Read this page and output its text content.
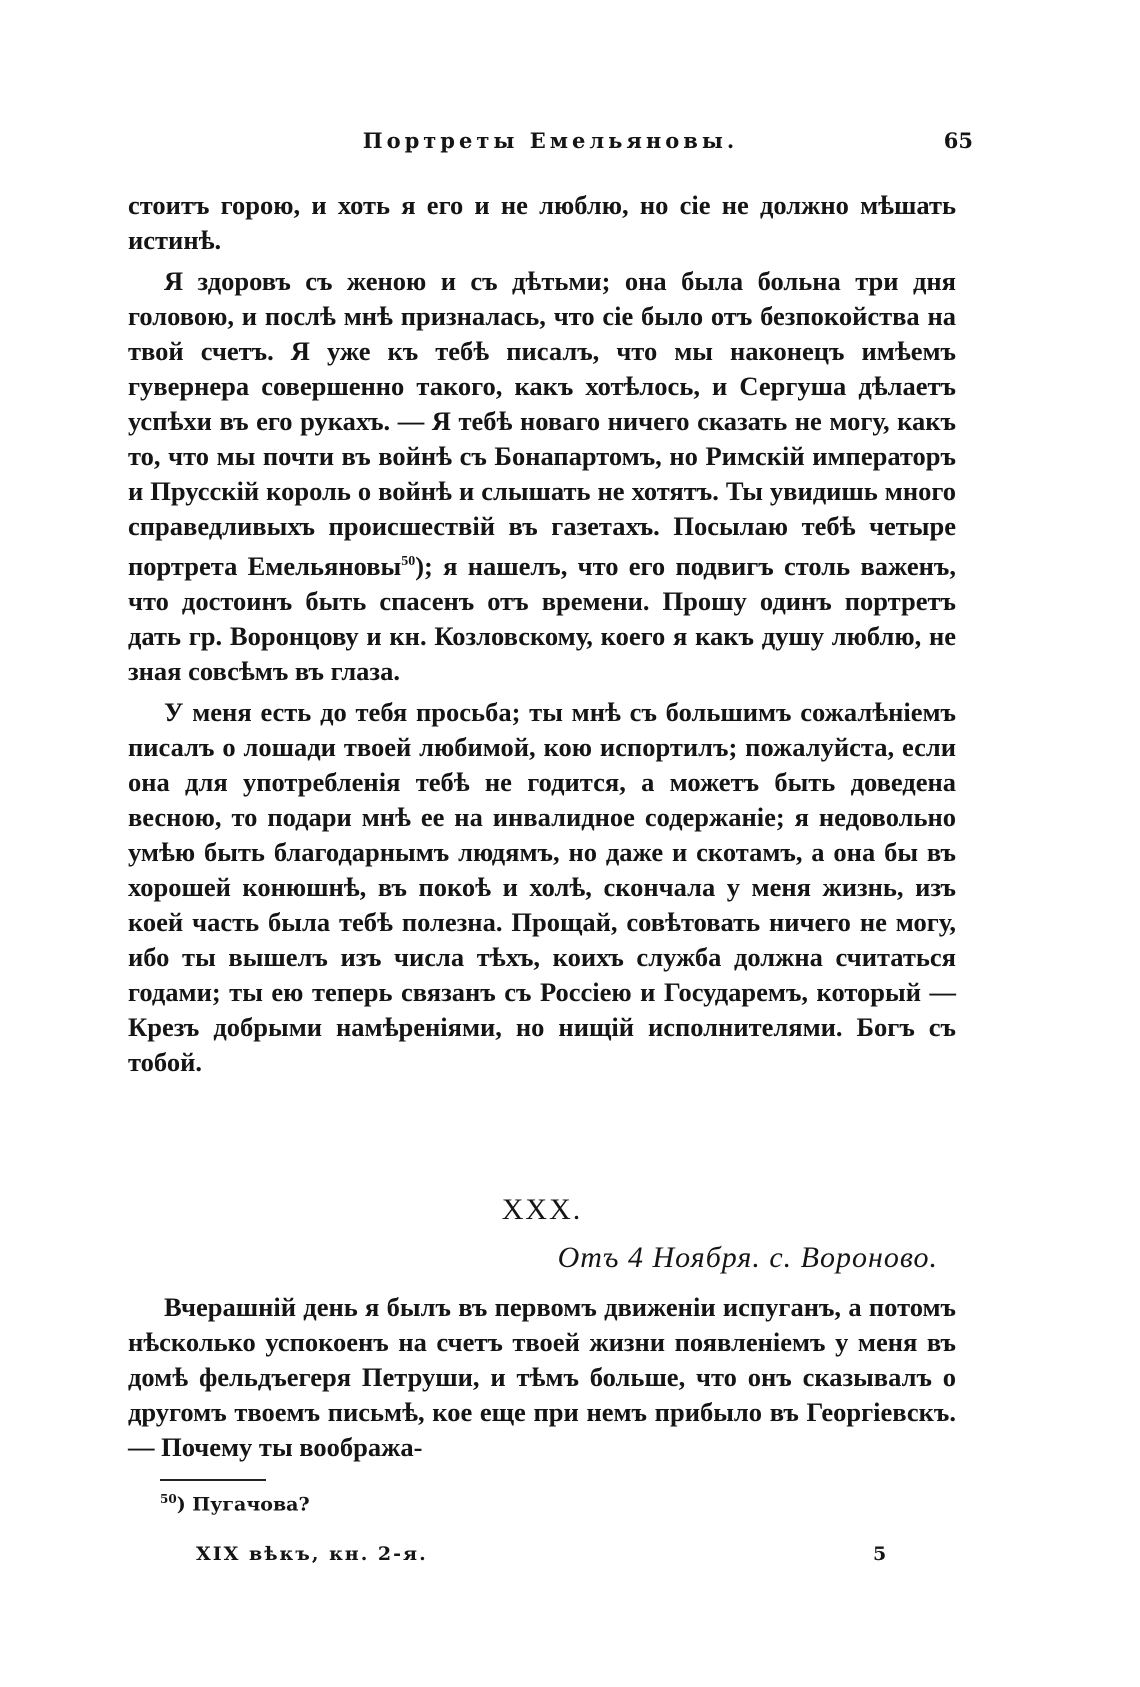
Портреты Емельяновы.	65

стоитъ горою, и хоть я его и не люблю, но сіе не должно мѣшать истинѣ.

Я здоровъ съ женою и съ дѣтьми; она была больна три дня головою, и послѣ мнѣ призналась, что сіе было отъ безпокойства на твой счетъ. Я уже къ тебѣ писалъ, что мы наконецъ имѣемъ гувернера совершенно такого, какъ хотѣлось, и Сергуша дѣлаетъ успѣхи въ его рукахъ. — Я тебѣ новаго ничего сказать не могу, какъ то, что мы почти въ войнѣ съ Бонапартомъ, но Римскій императоръ и Прусскій король о войнѣ и слышать не хотятъ. Ты увидишь много справедливыхъ происшествій въ газетахъ. Посылаю тебѣ четыре портрета Емельяновы$^{50}$); я нашелъ, что его подвигъ столь важенъ, что достоинъ быть спасенъ отъ времени. Прошу одинъ портретъ дать гр. Воронцову и кн. Козловскому, коего я какъ душу люблю, не зная совсѣмъ въ глаза.

У меня есть до тебя просьба; ты мнѣ съ большимъ сожалѣніемъ писалъ о лошади твоей любимой, кою испортилъ; пожалуйста, если она для употребленія тебѣ не годится, а можетъ быть доведена весною, то подари мнѣ ее на инвалидное содержаніе; я недовольно умѣю быть благодарнымъ людямъ, но даже и скотамъ, а она бы въ хорошей конюшнѣ, въ покоѣ и холѣ, скончала у меня жизнь, изъ коей часть была тебѣ полезна. Прощай, совѣтовать ничего не могу, ибо ты вышелъ изъ числа тѣхъ, коихъ служба должна считаться годами; ты ею теперь связанъ съ Россіею и Государемъ, который — Крезъ добрыми намѣреніями, но нищій исполнителями. Богъ съ тобой.

XXX.
Отъ 4 Ноября. с. Вороново.
Вчерашній день я былъ въ первомъ движеніи испуганъ, а потомъ нѣсколько успокоенъ на счетъ твоей жизни появленіемъ у меня въ домѣ фельдъегеря Петруши, и тѣмъ больше, что онъ сказывалъ о другомъ твоемъ письмѣ, кое еще при немъ прибыло въ Георгіевскъ. — Почему ты вообража-
$^{50}$) Пугачова?
XIX вѣкъ, кн. 2-я.	5
